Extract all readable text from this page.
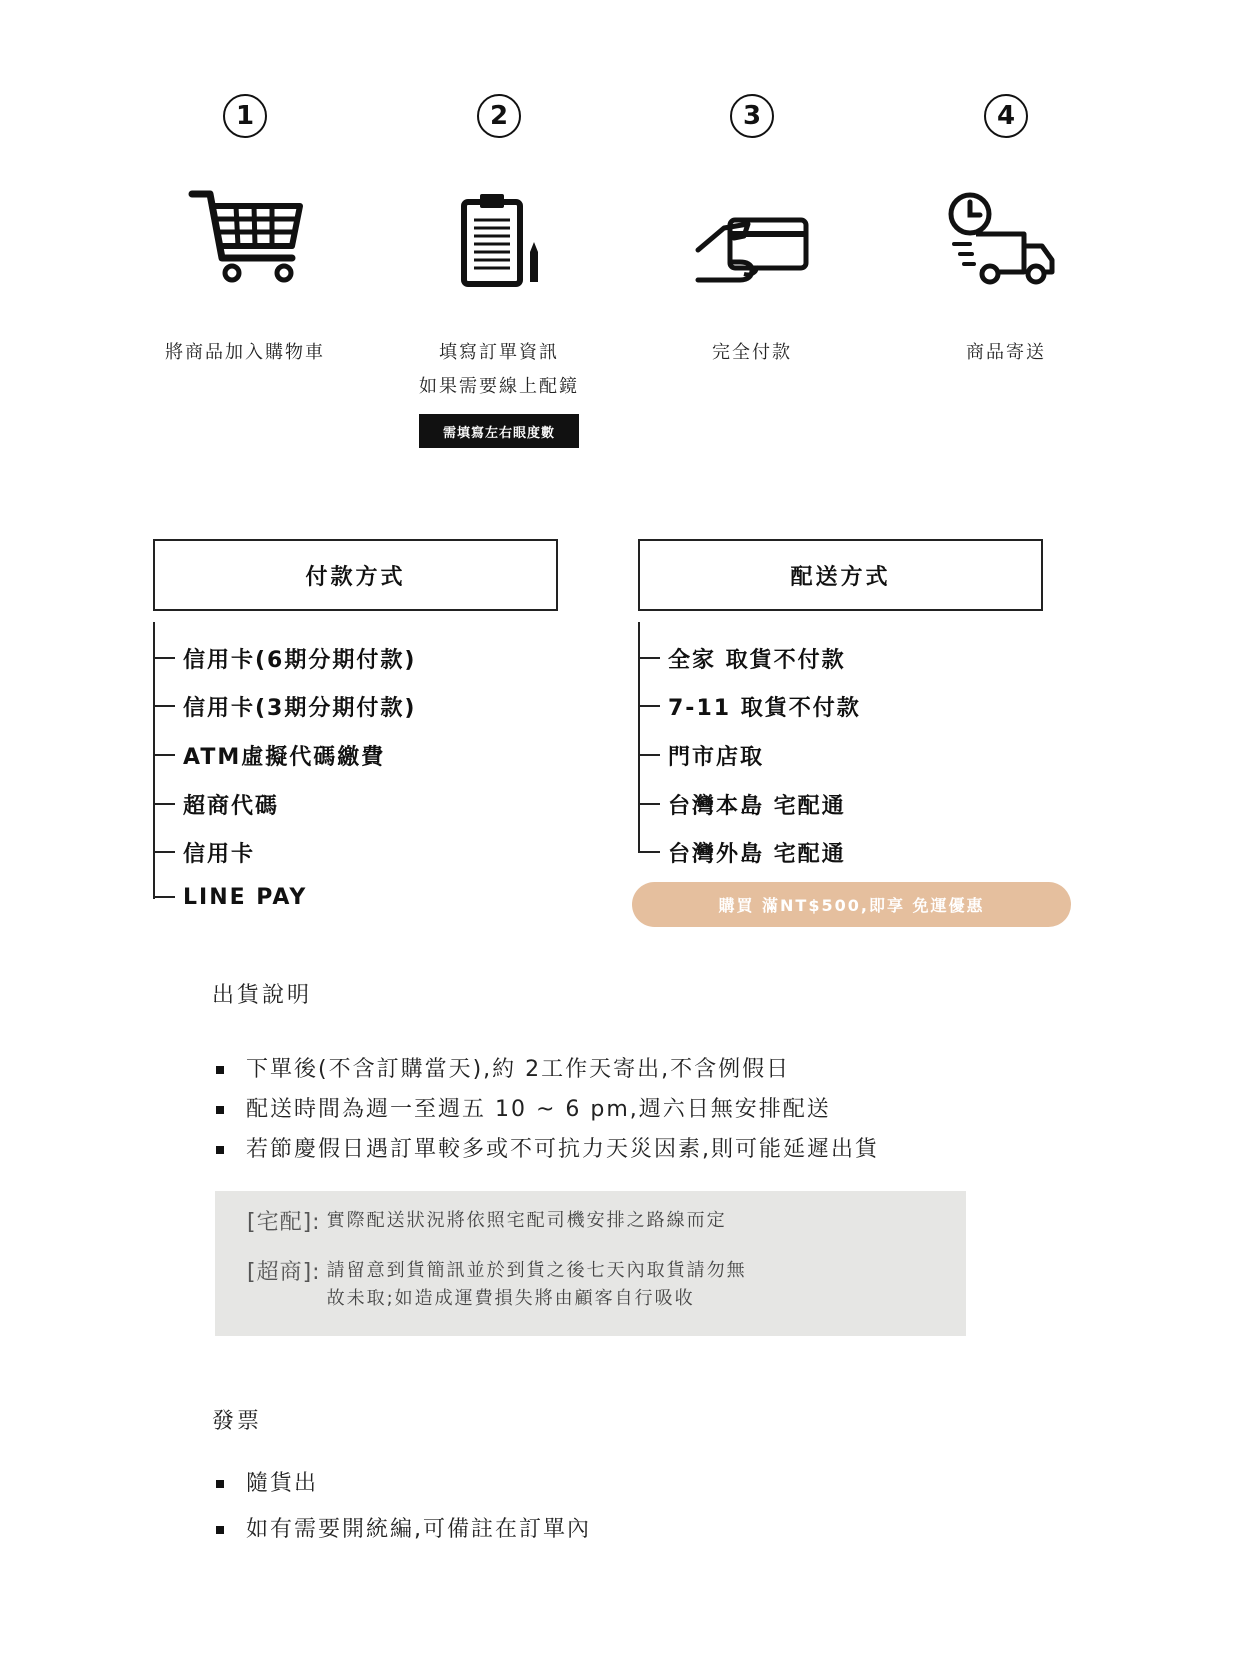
1	2	3	4
將商品加入購物車	填寫訂單資訊
如果需要線上配鏡
需填寫左右眼度數
完全付款	商品寄送
付款方式
信用卡(6期分期付款)
信用卡(3期分期付款)
ATM虛擬代碼繳費
超商代碼
信用卡
LINE PAY
配送方式
全家 取貨不付款
7-11 取貨不付款
門市店取
台灣本島 宅配通
台灣外島 宅配通
購買 滿NT$500,即享 免運優惠
出貨說明
下單後(不含訂購當天),約 2工作天寄出,不含例假日
配送時間為週一至週五 10 ~ 6 pm,週六日無安排配送
若節慶假日遇訂單較多或不可抗力天災因素,則可能延遲出貨
[宅配]: 實際配送狀況將依照宅配司機安排之路線而定
[超商]: 請留意到貨簡訊並於到貨之後七天內取貨請勿無
故未取;如造成運費損失將由顧客自行吸收
發票
隨貨出
如有需要開統編,可備註在訂單內
